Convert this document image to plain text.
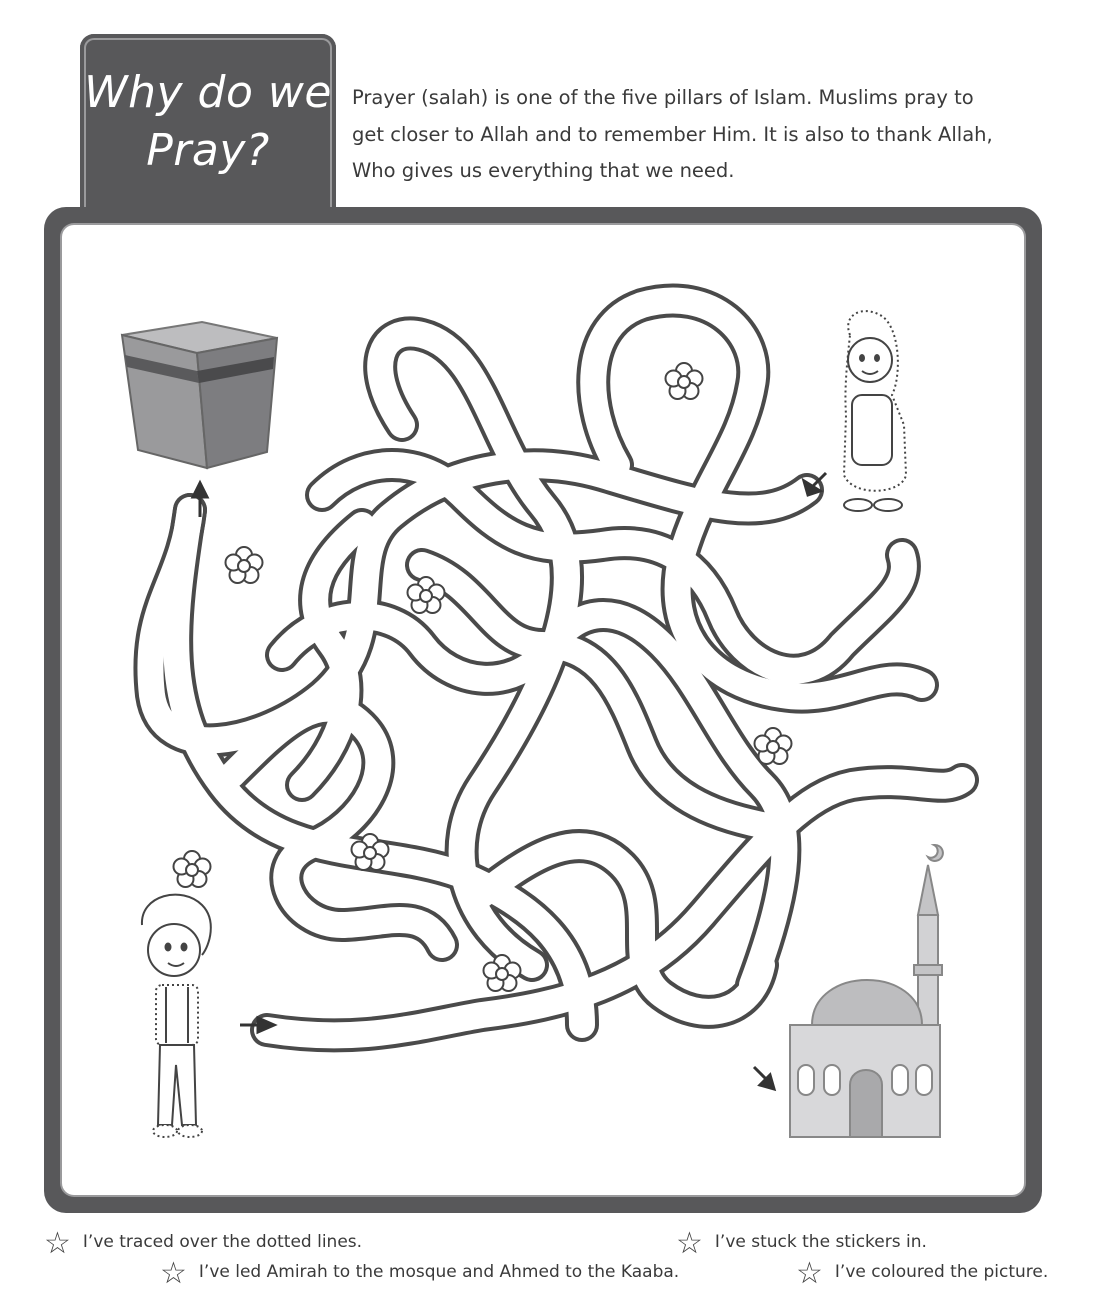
Why do we
Pray?
Prayer (salah) is one of the five pillars of Islam. Muslims pray to
get closer to Allah and to remember Him. It is also to thank Allah,
Who gives us everything that we need.
☆ I’ve traced over the dotted lines.	☆ I’ve stuck the stickers in.
☆ I’ve led Amirah to the mosque and Ahmed to the Kaaba.	☆ I’ve coloured the picture.
